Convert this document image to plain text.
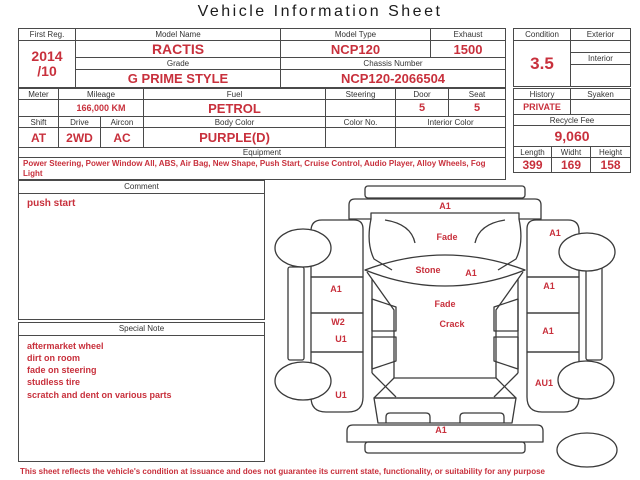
Vehicle Information Sheet
First Reg.	Model Name	Model Type	Exhaust

2014
/10	RACTIS	NCP120	1500
	Grade	Chassis Number	
	G PRIME STYLE	NCP120-2066504	
Condition	Exterior
3.5	
	Interior

Meter	Mileage		Fuel	Steering	Door	Seat
	166,000 KM		PETROL		5	5
Shift	Drive	Aircon	Body Color	Color No.	Interior Color	
AT	2WD	AC	PURPLE(D)			
Equipment						
Power Steering, Power Window All, ABS, Air Bag, New Shape, Push Start, Cruise Control, Audio Player, Alloy Wheels, Fog Light						
History		Syaken	
PRIVATE			
Recycle Fee			
9,060			
Length	Widht		Height
399	169		158
Comment
push start
Special Note
aftermarket wheel
dirt on room
fade on steering
studless tire
scratch and dent on various parts
A1
Fade	A1
Stone	A1
A1	A1
Fade
W2	Crack
U1
A1
U1
AU1
A1
This sheet reflects the vehicle's condition at issuance and does not guarantee its current state, functionality, or suitability for any purpose
